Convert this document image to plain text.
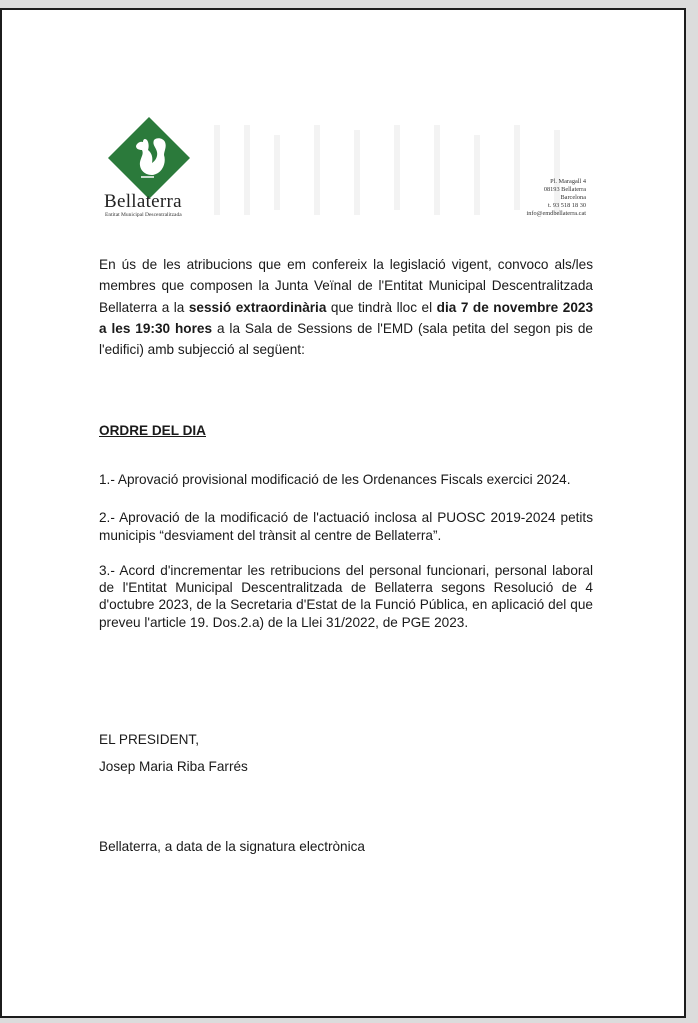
Bellaterra
Entitat Municipal Descentralitzada
Pl. Maragall 4
08193 Bellaterra
Barcelona
t. 93 518 18 30
info@emdbellaterra.cat

En ús de les atribucions que em confereix la legislació vigent, convoco als/les membres que composen la Junta Veïnal de l'Entitat Municipal Descentralitzada Bellaterra a la sessió extraordinària que tindrà lloc el dia 7 de novembre 2023 a les 19:30 hores a la Sala de Sessions de l'EMD (sala petita del segon pis de l'edifici) amb subjecció al següent:

ORDRE DEL DIA
1.- Aprovació provisional modificació de les Ordenances Fiscals exercici 2024.
2.- Aprovació de la modificació de l'actuació inclosa al PUOSC 2019-2024 petits municipis “desviament del trànsit al centre de Bellaterra”.
3.- Acord d'incrementar les retribucions del personal funcionari, personal laboral de l'Entitat Municipal Descentralitzada de Bellaterra segons Resolució de 4 d'octubre 2023, de la Secretaria d'Estat de la Funció Pública, en aplicació del que preveu l'article 19. Dos.2.a) de la Llei 31/2022, de PGE 2023.
EL PRESIDENT,
Josep Maria Riba Farrés
Bellaterra, a data de la signatura electrònica
